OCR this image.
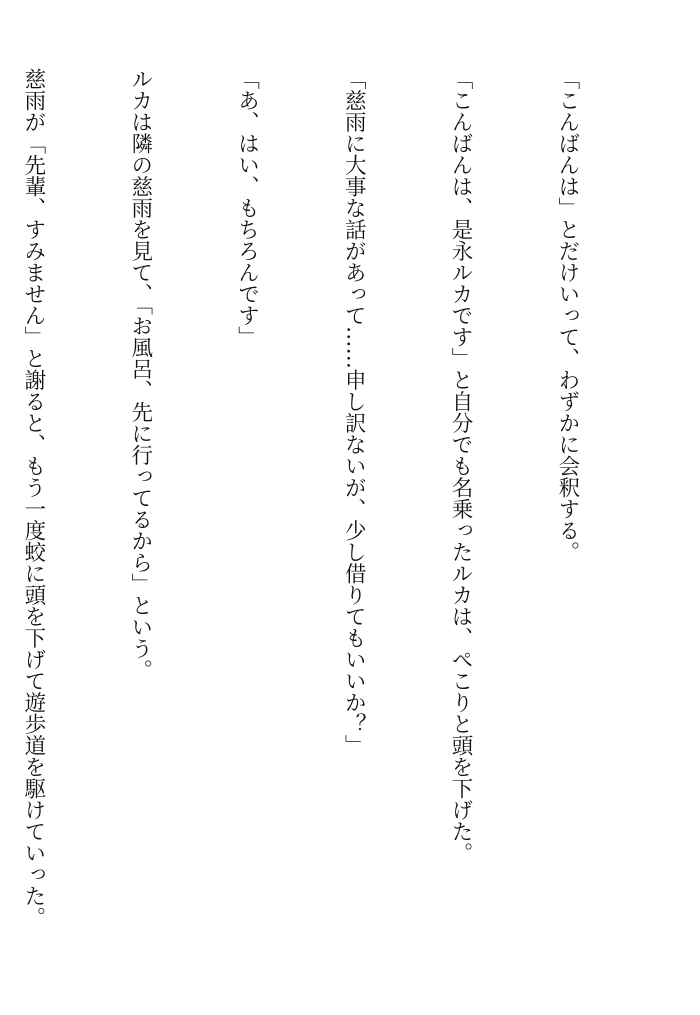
「こんばんは」とだけいって、わずかに会釈する。

「こんばんは、是永ルカです」と自分でも名乗ったルカは、ぺこりと頭を下げた。

「慈雨に大事な話があって……申し訳ないが、少し借りてもいいか？」

「あ、はい、もちろんです」

ルカは隣の慈雨を見て、「お風呂、先に行ってるから」という。

慈雨が「先輩、すみません」と謝ると、もう一度蛟に頭を下げて遊歩道を駆けていった。
